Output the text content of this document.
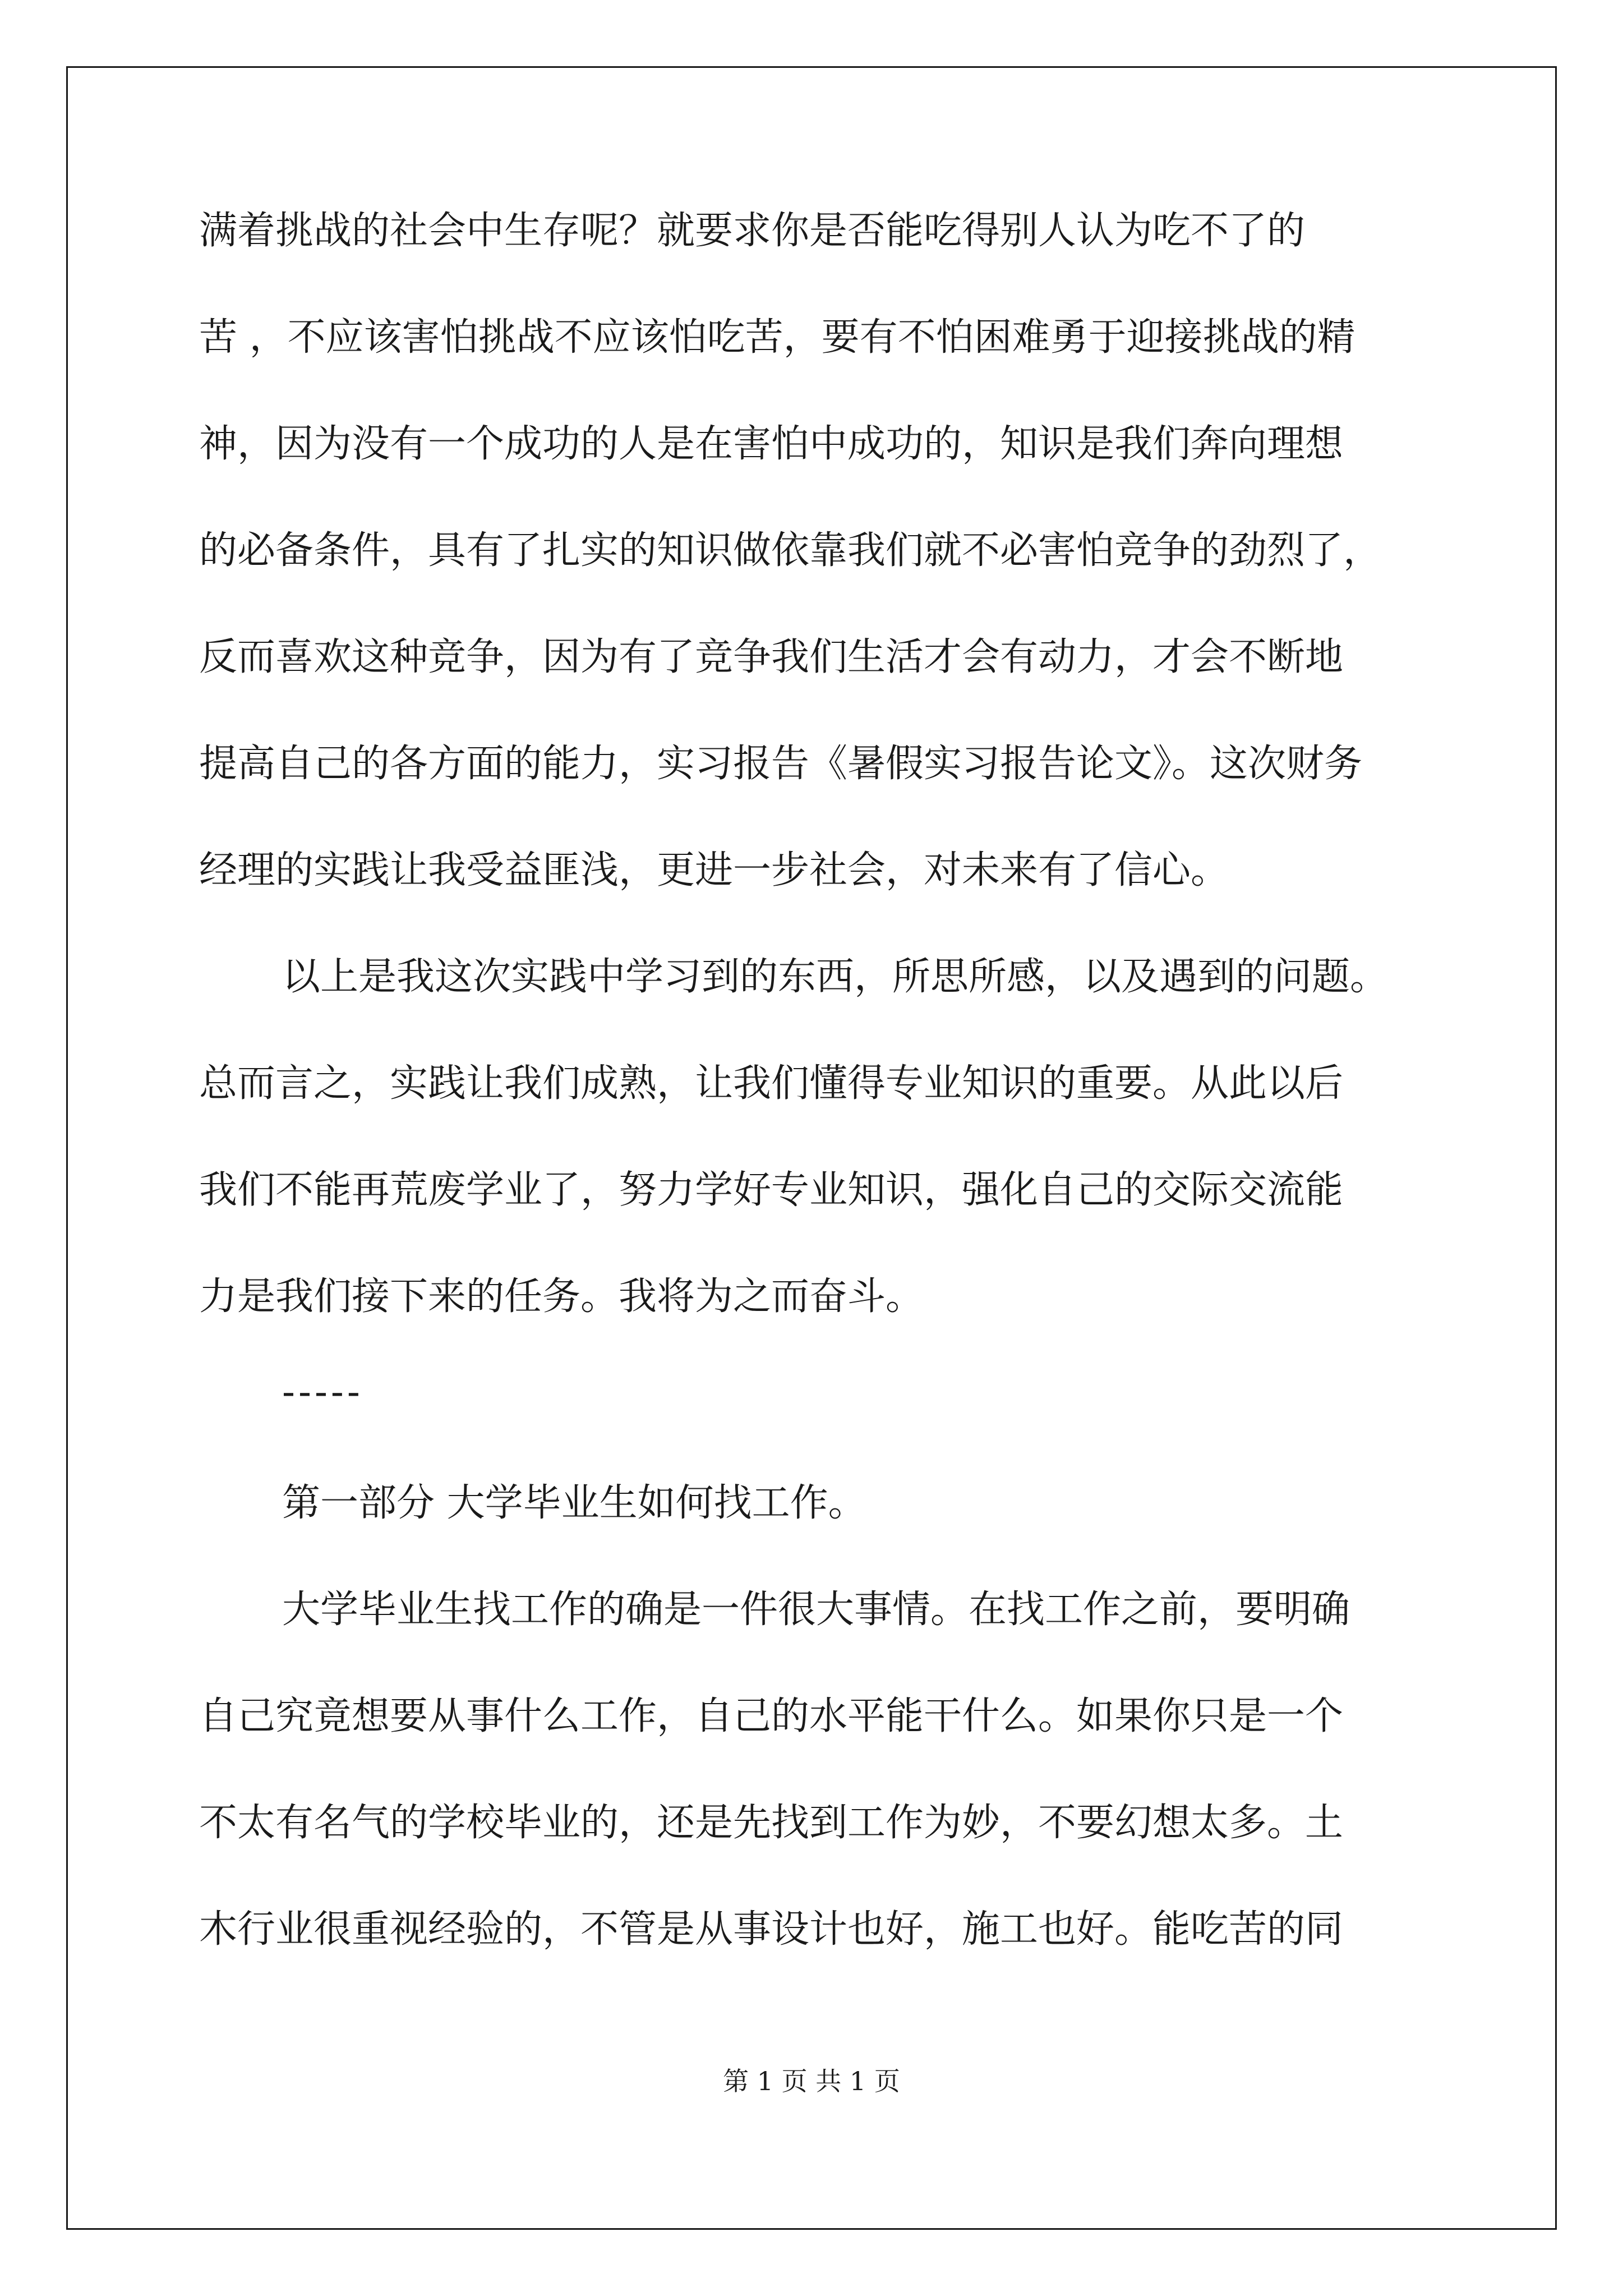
满着挑战的社会中生存呢？就要求你是否能吃得别人认为吃不了的
苦 ，不应该害怕挑战不应该怕吃苦，要有不怕困难勇于迎接挑战的精
神，因为没有一个成功的人是在害怕中成功的，知识是我们奔向理想
的必备条件，具有了扎实的知识做依靠我们就不必害怕竞争的劲烈了，
反而喜欢这种竞争，因为有了竞争我们生活才会有动力，才会不断地
提高自己的各方面的能力，实习报告《暑假实习报告论文》。这次财务
经理的实践让我受益匪浅，更进一步社会，对未来有了信心。
以上是我这次实践中学习到的东西，所思所感，以及遇到的问题。
总而言之，实践让我们成熟，让我们懂得专业知识的重要。从此以后
我们不能再荒废学业了，努力学好专业知识，强化自己的交际交流能
力是我们接下来的任务。我将为之而奋斗。
-----
第一部分 大学毕业生如何找工作。
大学毕业生找工作的确是一件很大事情。在找工作之前，要明确
自己究竟想要从事什么工作，自己的水平能干什么。如果你只是一个
不太有名气的学校毕业的，还是先找到工作为妙，不要幻想太多。土
木行业很重视经验的，不管是从事设计也好，施工也好。能吃苦的同
第 1 页 共 1 页
